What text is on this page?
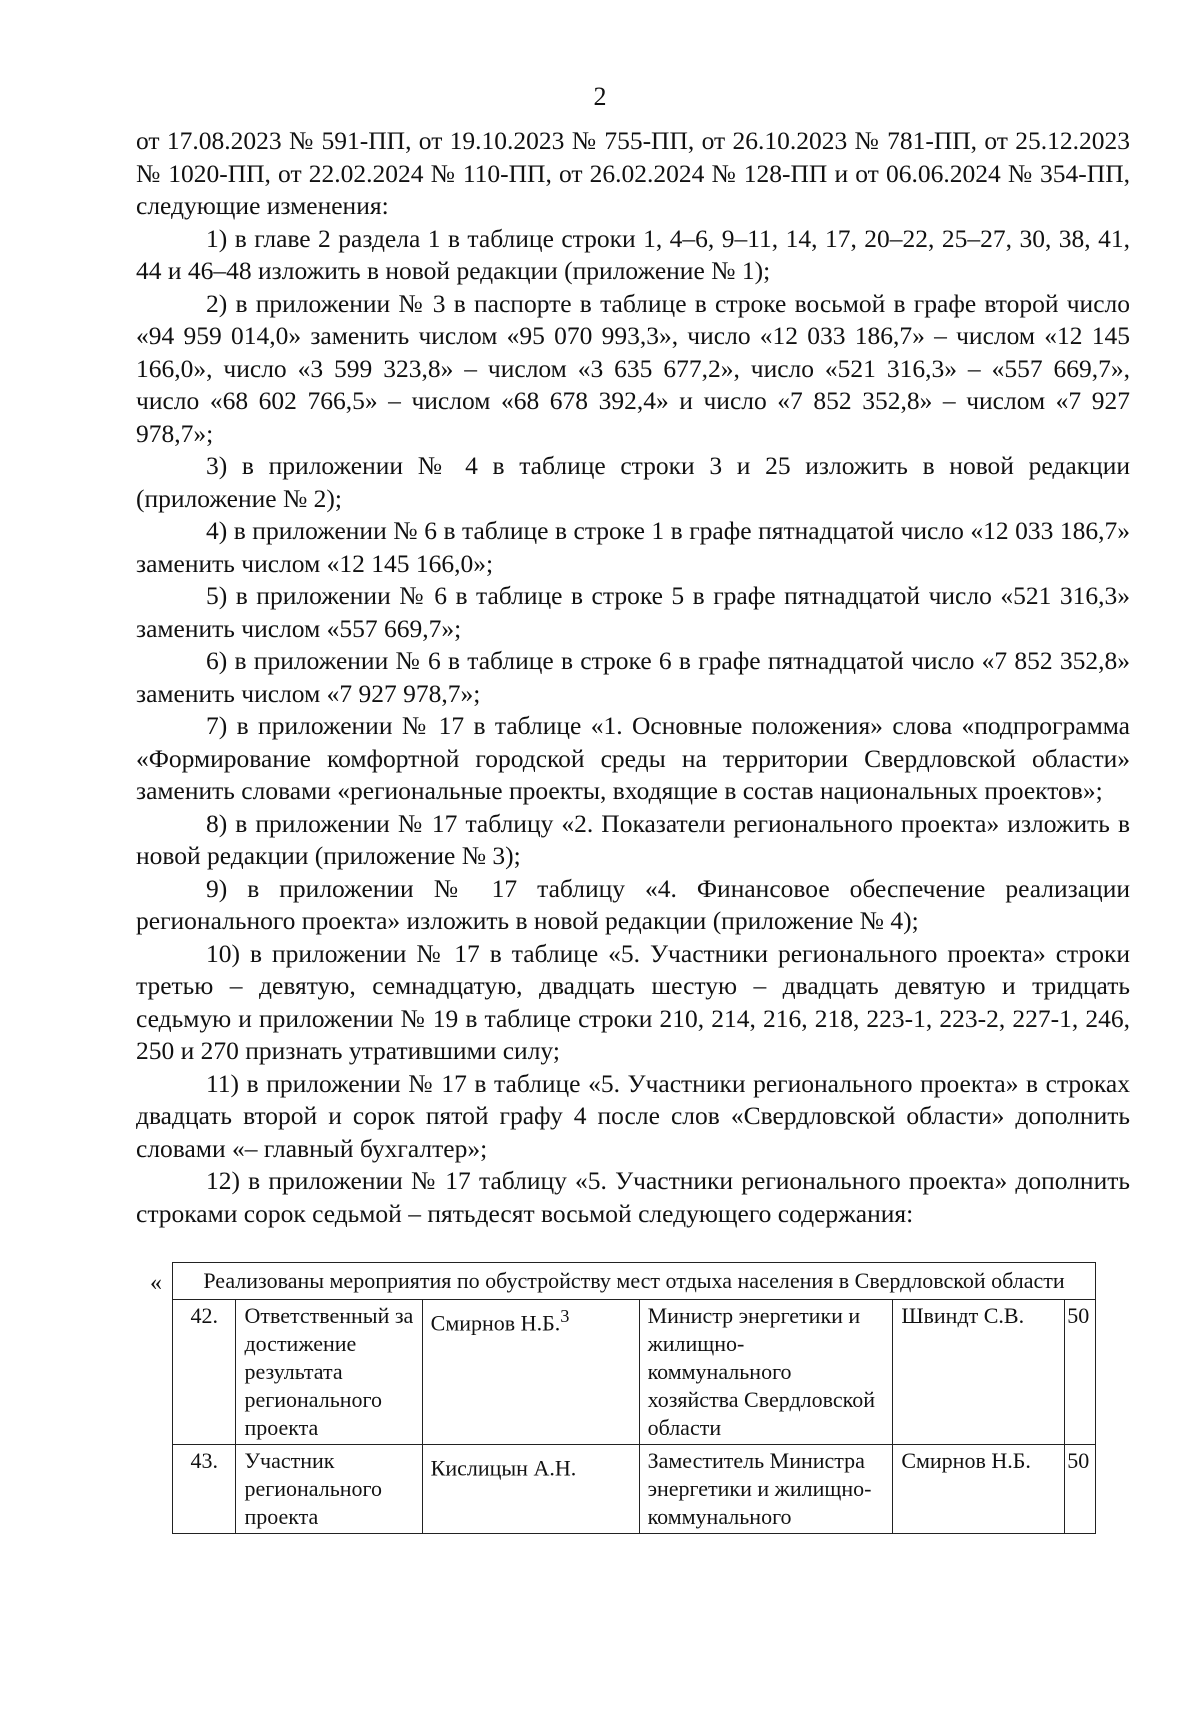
2

от 17.08.2023 № 591-ПП, от 19.10.2023 № 755-ПП, от 26.10.2023 № 781-ПП, от 25.12.2023 № 1020-ПП, от 22.02.2024 № 110-ПП, от 26.02.2024 № 128-ПП и от 06.06.2024 № 354-ПП, следующие изменения:

1) в главе 2 раздела 1 в таблице строки 1, 4–6, 9–11, 14, 17, 20–22, 25–27, 30, 38, 41, 44 и 46–48 изложить в новой редакции (приложение № 1);

2) в приложении № 3 в паспорте в таблице в строке восьмой в графе второй число «94 959 014,0» заменить числом «95 070 993,3», число «12 033 186,7» – числом «12 145 166,0», число «3 599 323,8» – числом «3 635 677,2», число «521 316,3» – «557 669,7», число «68 602 766,5» – числом «68 678 392,4» и число «7 852 352,8» – числом «7 927 978,7»;

3) в приложении № 4 в таблице строки 3 и 25 изложить в новой редакции (приложение № 2);

4) в приложении № 6 в таблице в строке 1 в графе пятнадцатой число «12 033 186,7» заменить числом «12 145 166,0»;

5) в приложении № 6 в таблице в строке 5 в графе пятнадцатой число «521 316,3» заменить числом «557 669,7»;

6) в приложении № 6 в таблице в строке 6 в графе пятнадцатой число «7 852 352,8» заменить числом «7 927 978,7»;

7) в приложении № 17 в таблице «1. Основные положения» слова «подпрограмма «Формирование комфортной городской среды на территории Свердловской области» заменить словами «региональные проекты, входящие в состав национальных проектов»;

8) в приложении № 17 таблицу «2. Показатели регионального проекта» изложить в новой редакции (приложение № 3);

9) в приложении № 17 таблицу «4. Финансовое обеспечение реализации регионального проекта» изложить в новой редакции (приложение № 4);

10) в приложении № 17 в таблице «5. Участники регионального проекта» строки третью – девятую, семнадцатую, двадцать шестую – двадцать девятую и тридцать седьмую и приложении № 19 в таблице строки 210, 214, 216, 218, 223-1, 223-2, 227-1, 246, 250 и 270 признать утратившими силу;

11) в приложении № 17 в таблице «5. Участники регионального проекта» в строках двадцать второй и сорок пятой графу 4 после слов «Свердловской области» дополнить словами «– главный бухгалтер»;

12) в приложении № 17 таблицу «5. Участники регионального проекта» дополнить строками сорок седьмой – пятьдесят восьмой следующего содержания:

« Реализованы мероприятия по обустройству мест отдыха населения в Свердловской области					
42.	Ответственный за достижение результата регионального проекта	Смирнов Н.Б.$^3$	Министр энергетики и жилищно-коммунального хозяйства Свердловской области	Швиндт С.В.	50
43.	Участник регионального проекта	Кислицын А.Н.	Заместитель Министра энергетики и жилищно-коммунального	Смирнов Н.Б.	50
